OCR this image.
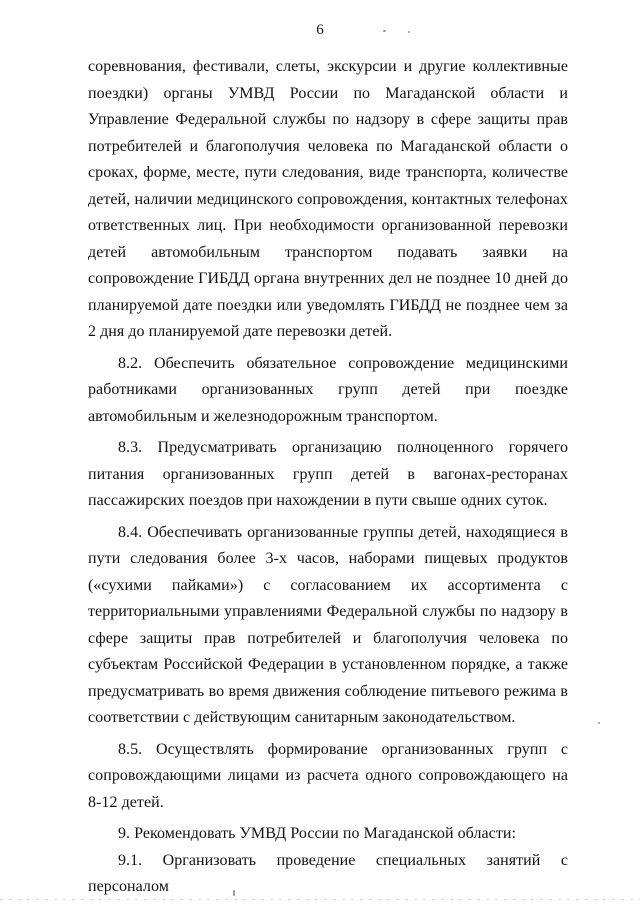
6

соревнования, фестивали, слеты, экскурсии и другие коллективные поездки) органы УМВД России по Магаданской области и Управление Федеральной службы по надзору в сфере защиты прав потребителей и благополучия человека по Магаданской области о сроках, форме, месте, пути следования, виде транспорта, количестве детей, наличии медицинского сопровождения, контактных телефонах ответственных лиц. При необходимости организованной перевозки детей автомобильным транспортом подавать заявки на сопровождение ГИБДД органа внутренних дел не позднее 10 дней до планируемой дате поездки или уведомлять ГИБДД не позднее чем за 2 дня до планируемой дате перевозки детей.

8.2. Обеспечить обязательное сопровождение медицинскими работниками организованных групп детей при поездке автомобильным и железнодорожным транспортом.

8.3. Предусматривать организацию полноценного горячего питания организованных групп детей в вагонах-ресторанах пассажирских поездов при нахождении в пути свыше одних суток.

8.4. Обеспечивать организованные группы детей, находящиеся в пути следования более 3-х часов, наборами пищевых продуктов («сухими пайками») с согласованием их ассортимента с территориальными управлениями Федеральной службы по надзору в сфере защиты прав потребителей и благополучия человека по субъектам Российской Федерации в установленном порядке, а также предусматривать во время движения соблюдение питьевого режима в соответствии с действующим санитарным законодательством.

8.5. Осуществлять формирование организованных групп с сопровождающими лицами из расчета одного сопровождающего на 8-12 детей.

9. Рекомендовать УМВД России по Магаданской области:

9.1. Организовать проведение специальных занятий с персоналом
